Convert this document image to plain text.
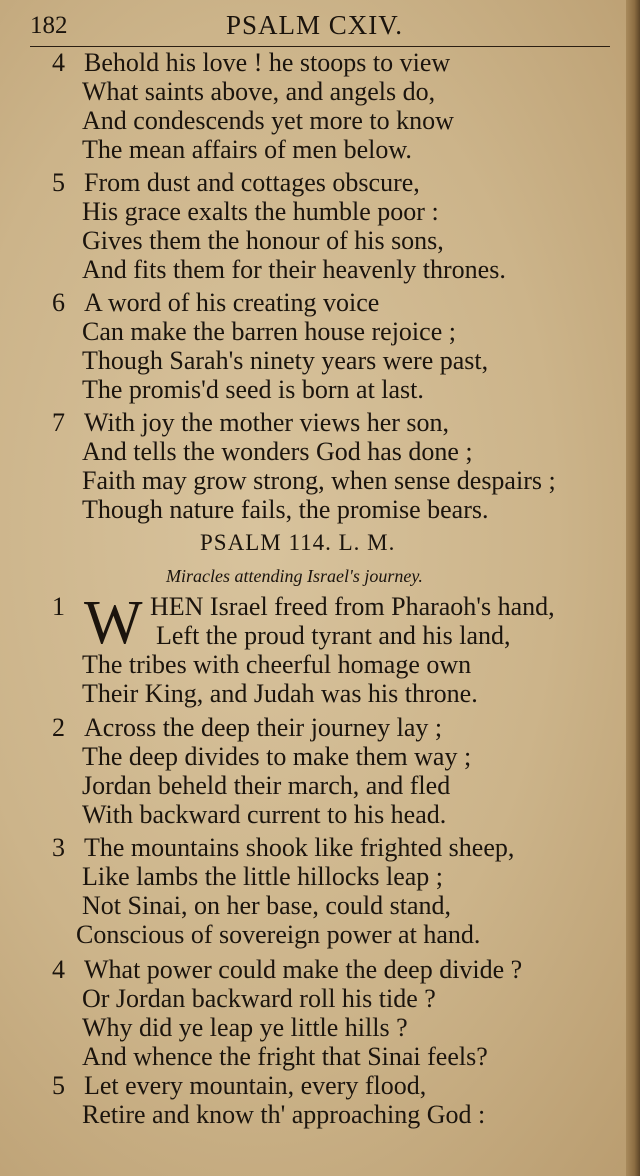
182	PSALM CXIV.
4 Behold his love ! he stoops to view
What saints above, and angels do,
And condescends yet more to know
The mean affairs of men below.
5 From dust and cottages obscure,
His grace exalts the humble poor :
Gives them the honour of his sons,
And fits them for their heavenly thrones.
6 A word of his creating voice
Can make the barren house rejoice ;
Though Sarah's ninety years were past,
The promis'd seed is born at last.
7 With joy the mother views her son,
And tells the wonders God has done ;
Faith may grow strong, when sense despairs ;
Though nature fails, the promise bears.
1	HEN Israel freed from Pharaoh's hand,
Left the proud tyrant and his land,
The tribes with cheerful homage own
Their King, and Judah was his throne.
2 Across the deep their journey lay ;
The deep divides to make them way ;
Jordan beheld their march, and fled
With backward current to his head.
3 The mountains shook like frighted sheep,
Like lambs the little hillocks leap ;
Not Sinai, on her base, could stand,
Conscious of sovereign power at hand.
4 What power could make the deep divide ?
Or Jordan backward roll his tide ?
Why did ye leap ye little hills ?
And whence the fright that Sinai feels?
5 Let every mountain, every flood,
Retire and know th' approaching God :
PSALM 114. L. M.
Miracles attending Israel's journey.
W
